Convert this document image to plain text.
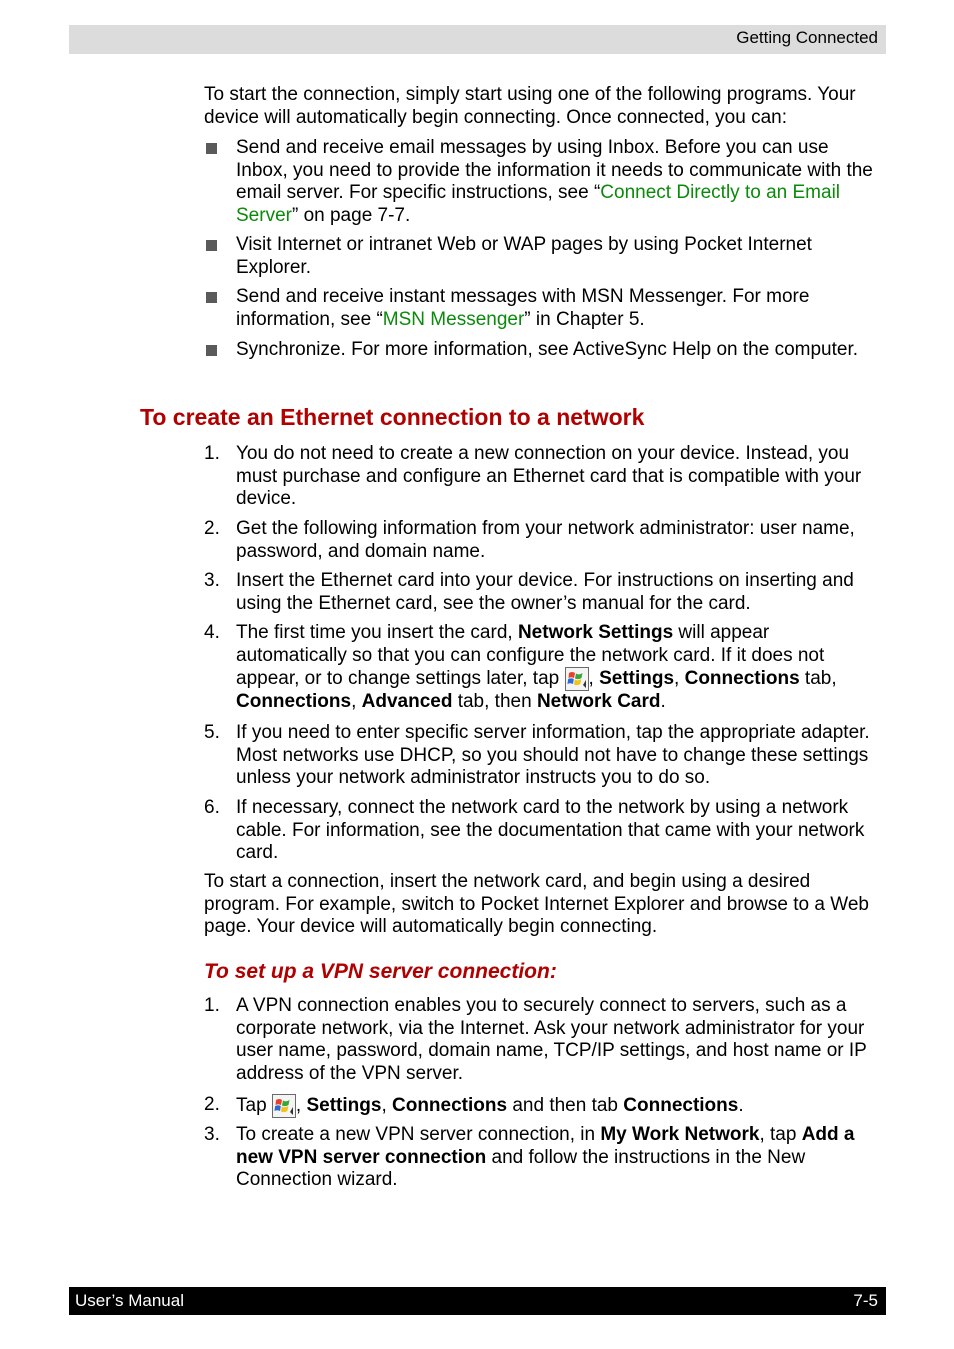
Getting Connected

To start the connection, simply start using one of the following programs. Your device will automatically begin connecting. Once connected, you can:

Send and receive email messages by using Inbox. Before you can use Inbox, you need to provide the information it needs to communicate with the email server. For specific instructions, see “Connect Directly to an Email Server” on page 7-7.
Visit Internet or intranet Web or WAP pages by using Pocket Internet Explorer.
Send and receive instant messages with MSN Messenger. For more information, see “MSN Messenger” in Chapter 5.
Synchronize. For more information, see ActiveSync Help on the computer.
To create an Ethernet connection to a network
1. You do not need to create a new connection on your device. Instead, you must purchase and configure an Ethernet card that is compatible with your device.
2. Get the following information from your network administrator: user name, password, and domain name.
3. Insert the Ethernet card into your device. For instructions on inserting and using the Ethernet card, see the owner’s manual for the card.
4. The first time you insert the card, Network Settings will appear automatically so that you can configure the network card. If it does not appear, or to change settings later, tap , Settings, Connections tab, Connections, Advanced tab, then Network Card.
5. If you need to enter specific server information, tap the appropriate adapter. Most networks use DHCP, so you should not have to change these settings unless your network administrator instructs you to do so.
6. If necessary, connect the network card to the network by using a network cable. For information, see the documentation that came with your network card.

To start a connection, insert the network card, and begin using a desired program. For example, switch to Pocket Internet Explorer and browse to a Web page. Your device will automatically begin connecting.

To set up a VPN server connection:
1. A VPN connection enables you to securely connect to servers, such as a corporate network, via the Internet. Ask your network administrator for your user name, password, domain name, TCP/IP settings, and host name or IP address of the VPN server.
2. Tap , Settings, Connections and then tab Connections.
3. To create a new VPN server connection, in My Work Network, tap Add a new VPN server connection and follow the instructions in the New Connection wizard.
User’s Manual	7-5
